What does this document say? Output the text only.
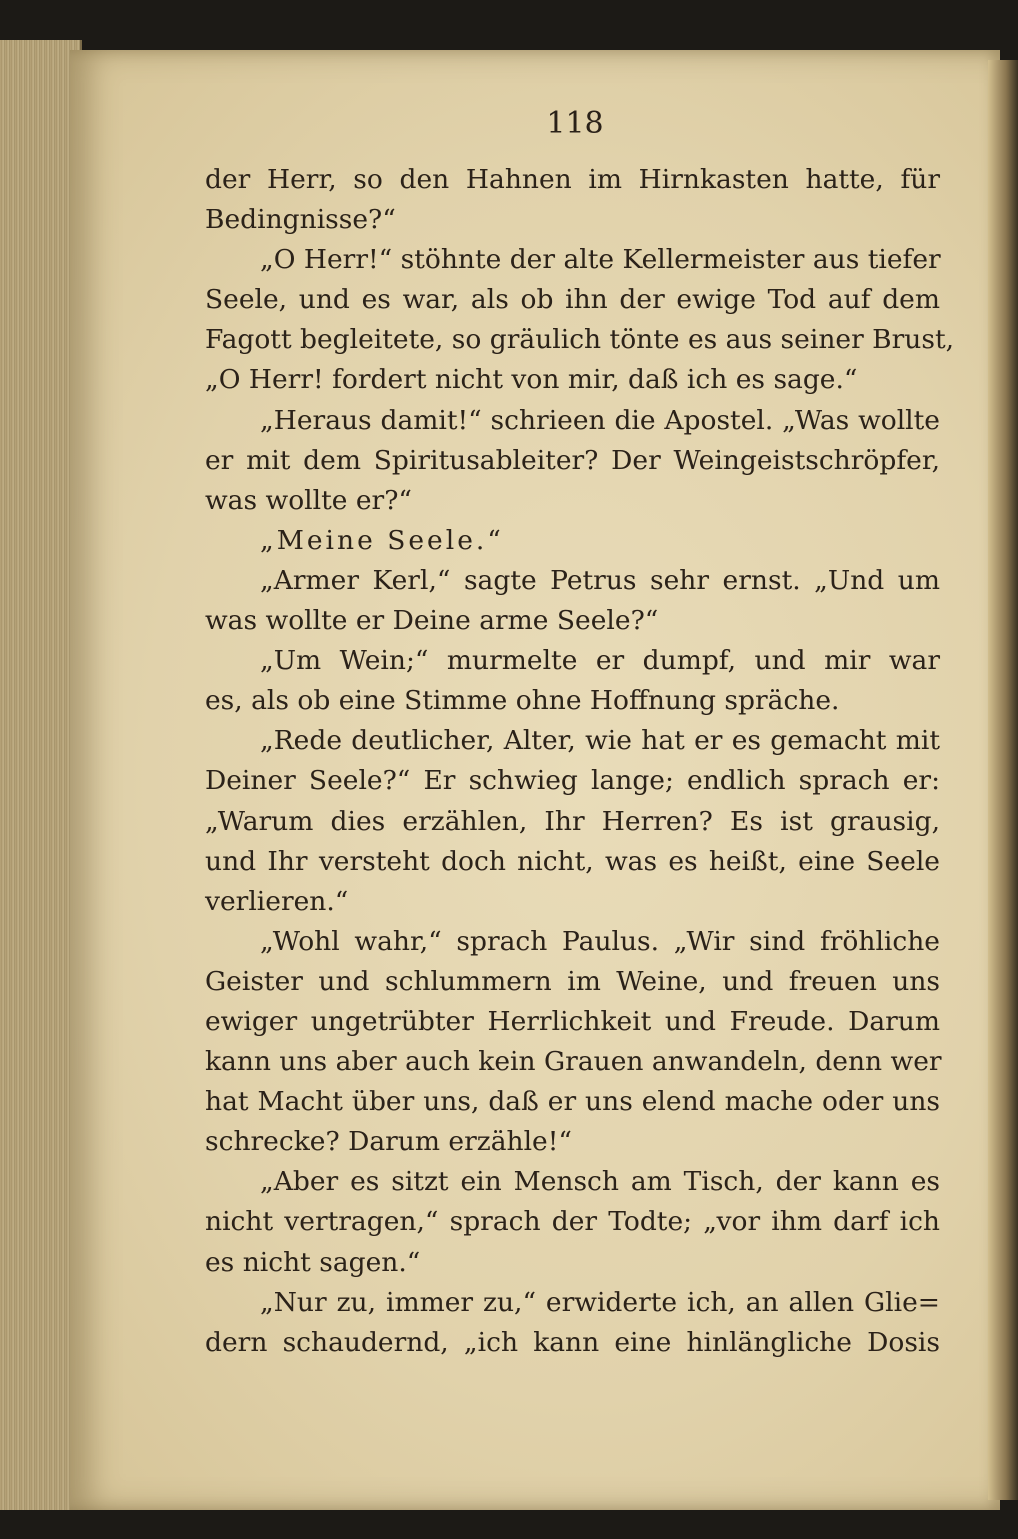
118

der Herr, so den Hahnen im Hirnkasten hatte, für
Bedingnisse?“
„O Herr!“ stöhnte der alte Kellermeister aus tiefer
Seele, und es war, als ob ihn der ewige Tod auf dem
Fagott begleitete, so gräulich tönte es aus seiner Brust,
„O Herr! fordert nicht von mir, daß ich es sage.“
„Heraus damit!“ schrieen die Apostel. „Was wollte
er mit dem Spiritusableiter? Der Weingeistschröpfer,
was wollte er?“
„Meine Seele.“
„Armer Kerl,“ sagte Petrus sehr ernst. „Und um
was wollte er Deine arme Seele?“
„Um Wein;“ murmelte er dumpf, und mir war
es, als ob eine Stimme ohne Hoffnung spräche.
„Rede deutlicher, Alter, wie hat er es gemacht mit
Deiner Seele?“ Er schwieg lange; endlich sprach er:
„Warum dies erzählen, Ihr Herren? Es ist grausig,
und Ihr versteht doch nicht, was es heißt, eine Seele
verlieren.“
„Wohl wahr,“ sprach Paulus. „Wir sind fröhliche
Geister und schlummern im Weine, und freuen uns
ewiger ungetrübter Herrlichkeit und Freude. Darum
kann uns aber auch kein Grauen anwandeln, denn wer
hat Macht über uns, daß er uns elend mache oder uns
schrecke? Darum erzähle!“
„Aber es sitzt ein Mensch am Tisch, der kann es
nicht vertragen,“ sprach der Todte; „vor ihm darf ich
es nicht sagen.“
„Nur zu, immer zu,“ erwiderte ich, an allen Glie=
dern schaudernd, „ich kann eine hinlängliche Dosis
